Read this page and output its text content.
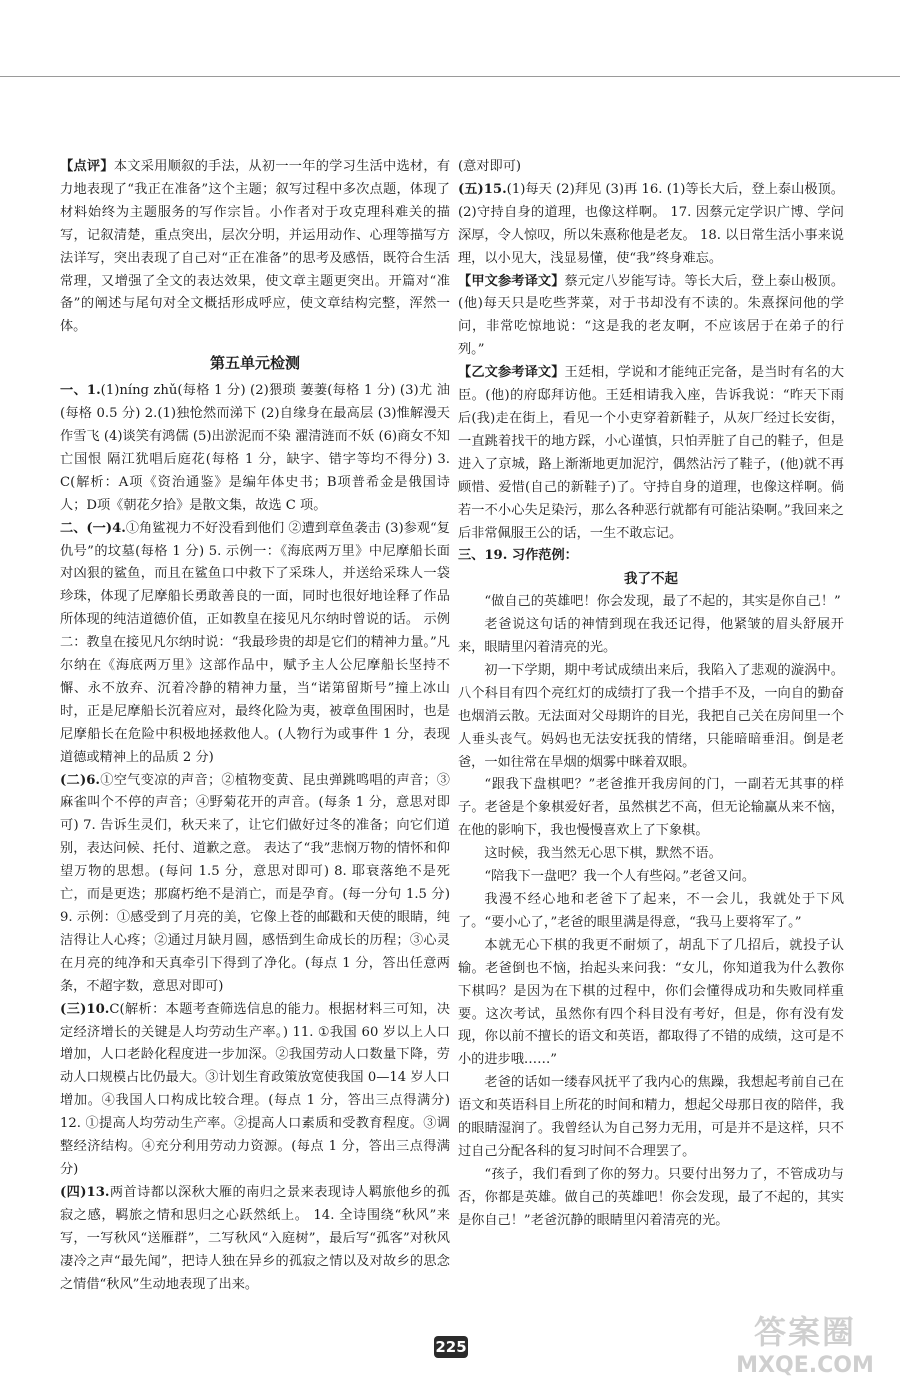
【点评】本文采用顺叙的手法，从初一一年的学习生活中选材，有力地表现了“我正在准备”这个主题；叙写过程中多次点题，体现了材料始终为主题服务的写作宗旨。小作者对于攻克理科难关的描写，记叙清楚，重点突出，层次分明，并运用动作、心理等描写方法详写，突出表现了自己对“正在准备”的思考及感悟，既符合生活常理，又增强了全文的表达效果，使文章主题更突出。开篇对“准备”的阐述与尾句对全文概括形成呼应，使文章结构完整，浑然一体。

第五单元检测

一、1.(1)níng zhǔ(每格 1 分) (2)猥琐 萋萋(每格 1 分) (3)尤 油(每格 0.5 分) 2.(1)独怆然而涕下 (2)自缘身在最高层 (3)惟解漫天作雪飞 (4)谈笑有鸿儒 (5)出淤泥而不染 濯清涟而不妖 (6)商女不知亡国恨 隔江犹唱后庭花(每格 1 分，缺字、错字等均不得分) 3. C(解析：A项《资治通鉴》是编年体史书；B项普希金是俄国诗人；D项《朝花夕拾》是散文集，故选 C 项。

二、(一)4.①角鲨视力不好没看到他们 ②遭到章鱼袭击 (3)参观“复仇号”的坟墓(每格 1 分) 5. 示例一：《海底两万里》中尼摩船长面对凶狠的鲨鱼，而且在鲨鱼口中救下了采珠人，并送给采珠人一袋珍珠，体现了尼摩船长勇敢善良的一面，同时也很好地诠释了作品所体现的纯洁道德价值，正如教皇在接见凡尔纳时曾说的话。 示例二：教皇在接见凡尔纳时说：“我最珍贵的却是它们的精神力量。”凡尔纳在《海底两万里》这部作品中，赋予主人公尼摩船长坚持不懈、永不放弃、沉着冷静的精神力量，当“诺第留斯号”撞上冰山时，正是尼摩船长沉着应对，最终化险为夷，被章鱼围困时，也是尼摩船长在危险中积极地拯救他人。(人物行为或事件 1 分，表现道德或精神上的品质 2 分)

(二)6.①空气变凉的声音；②植物变黄、昆虫弹跳鸣唱的声音；③麻雀叫个不停的声音；④野菊花开的声音。(每条 1 分，意思对即可) 7. 告诉生灵们，秋天来了，让它们做好过冬的准备；向它们道别，表达问候、托付、道歉之意。 表达了“我”悲悯万物的情怀和仰望万物的思想。(每问 1.5 分，意思对即可) 8. 耶衰落绝不是死亡，而是更迭；那腐朽绝不是消亡，而是孕育。(每一分句 1.5 分) 9. 示例：①感受到了月亮的美，它像上苍的邮戳和天使的眼睛，纯洁得让人心疼；②通过月缺月圆，感悟到生命成长的历程；③心灵在月亮的纯净和天真牵引下得到了净化。(每点 1 分，答出任意两条，不超字数，意思对即可)

(三)10.C(解析：本题考查筛选信息的能力。根据材料三可知，决定经济增长的关键是人均劳动生产率。) 11. ①我国 60 岁以上人口增加，人口老龄化程度进一步加深。②我国劳动人口数量下降，劳动人口规模占比仍最大。③计划生育政策放宽使我国 0—14 岁人口增加。④我国人口构成比较合理。(每点 1 分，答出三点得满分) 12. ①提高人均劳动生产率。②提高人口素质和受教育程度。③调整经济结构。④充分利用劳动力资源。(每点 1 分，答出三点得满分)

(四)13.两首诗都以深秋大雁的南归之景来表现诗人羁旅他乡的孤寂之感，羁旅之情和思归之心跃然纸上。 14. 全诗围绕“秋风”来写，一写秋风“送雁群”，二写秋风“入庭树”，最后写“孤客”对秋风凄冷之声“最先闻”，把诗人独在异乡的孤寂之情以及对故乡的思念之情借“秋风”生动地表现了出来。

(意对即可)

(五)15.(1)每天 (2)拜见 (3)再 16. (1)等长大后，登上泰山极顶。(2)守持自身的道理，也像这样啊。 17. 因蔡元定学识广博、学问深厚，令人惊叹，所以朱熹称他是老友。 18. 以日常生活小事来说理，以小见大，浅显易懂，使“我”终身难忘。

【甲文参考译文】蔡元定八岁能写诗。等长大后，登上泰山极顶。(他)每天只是吃些荠菜，对于书却没有不读的。朱熹探问他的学问，非常吃惊地说：“这是我的老友啊，不应该居于在弟子的行列。”

【乙文参考译文】王廷相，学说和才能纯正完备，是当时有名的大臣。(他)的府邸拜访他。王廷相请我入座，告诉我说：“昨天下雨后(我)走在街上，看见一个小吏穿着新鞋子，从灰厂经过长安街，一直跳着找干的地方踩，小心谨慎，只怕弄脏了自己的鞋子，但是进入了京城，路上渐渐地更加泥泞，偶然沾污了鞋子，(他)就不再顾惜、爱惜(自己的新鞋子)了。守持自身的道理，也像这样啊。倘若一不小心失足染污，那么各种恶行就都有可能沾染啊。”我回来之后非常佩服王公的话，一生不敢忘记。

三、19. 习作范例：

我了不起

“做自己的英雄吧！你会发现，最了不起的，其实是你自己！”

老爸说这句话的神情到现在我还记得，他紧皱的眉头舒展开来，眼睛里闪着清亮的光。

初一下学期，期中考试成绩出来后，我陷入了悲观的漩涡中。八个科目有四个亮红灯的成绩打了我一个措手不及，一向自的勤奋也烟消云散。无法面对父母期许的目光，我把自己关在房间里一个人垂头丧气。妈妈也无法安抚我的情绪，只能暗暗垂泪。倒是老爸，一如往常在旱烟的烟雾中眯着双眼。

“跟我下盘棋吧？”老爸推开我房间的门，一副若无其事的样子。老爸是个象棋爱好者，虽然棋艺不高，但无论输赢从来不恼，在他的影响下，我也慢慢喜欢上了下象棋。

这时候，我当然无心思下棋，默然不语。

“陪我下一盘吧？我一个人有些闷。”老爸又问。

我漫不经心地和老爸下了起来，不一会儿，我就处于下风了。“要小心了，”老爸的眼里满是得意，“我马上要将军了。”

本就无心下棋的我更不耐烦了，胡乱下了几招后，就投子认输。老爸倒也不恼，抬起头来问我：“女儿，你知道我为什么教你下棋吗？是因为在下棋的过程中，你们会懂得成功和失败同样重要。这次考试，虽然你有四个科目没有考好，但是，你有没有发现，你以前不擅长的语文和英语，都取得了不错的成绩，这可是不小的进步哦……”

老爸的话如一缕春风抚平了我内心的焦躁，我想起考前自己在语文和英语科目上所花的时间和精力，想起父母那日夜的陪伴，我的眼睛湿润了。我曾经认为自己努力无用，可是并不是这样，只不过自己分配各科的复习时间不合理罢了。

“孩子，我们看到了你的努力。只要付出努力了，不管成功与否，你都是英雄。做自己的英雄吧！你会发现，最了不起的，其实是你自己！”老爸沉静的眼睛里闪着清亮的光。

225	答案圈
MXQE.COM
